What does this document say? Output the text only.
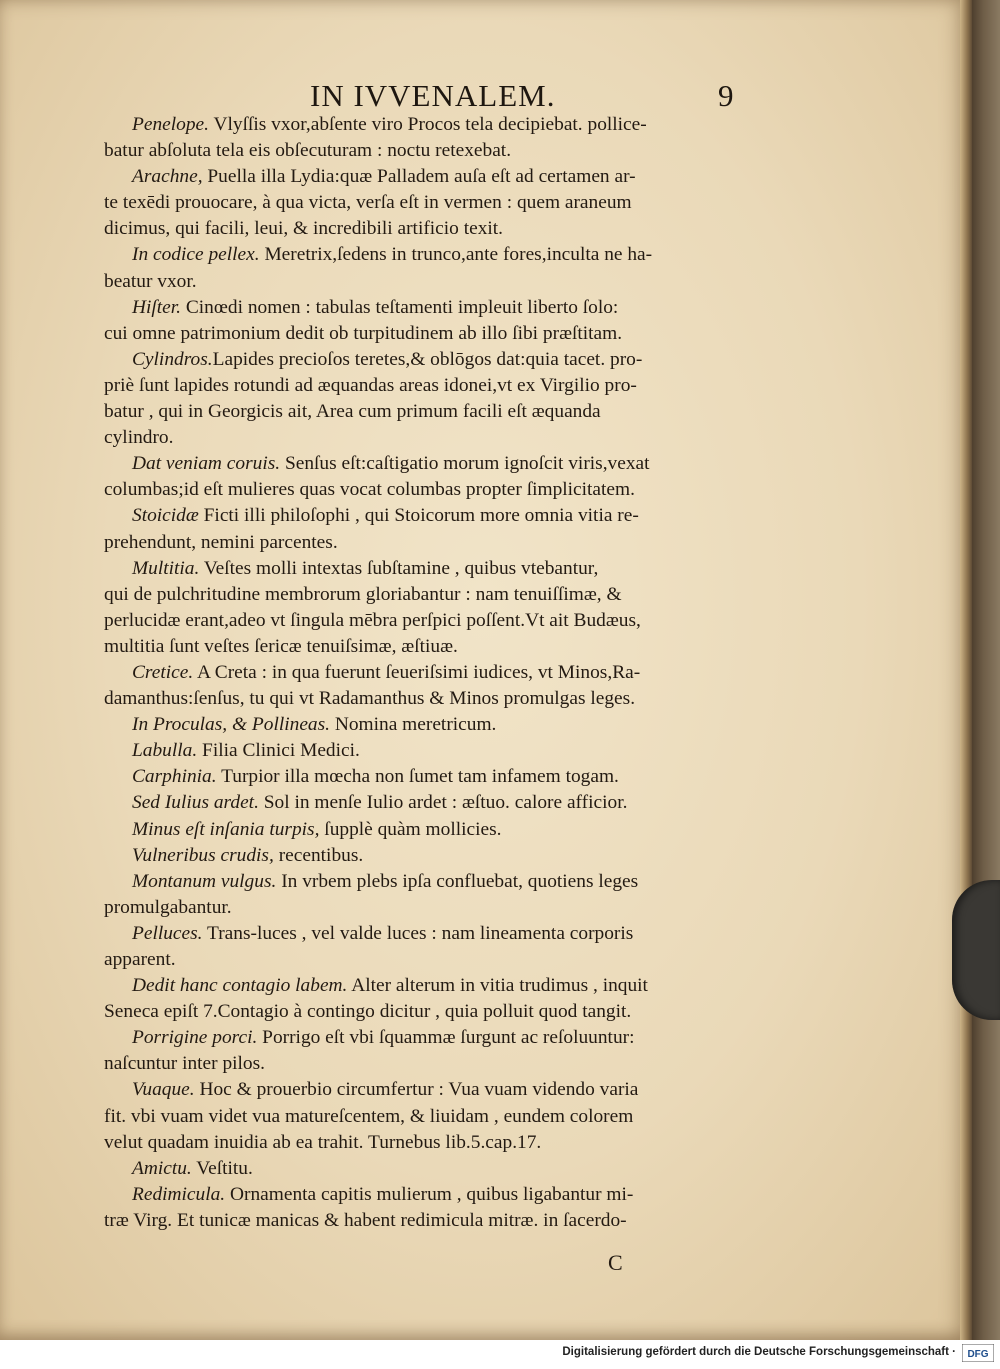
IN IVVENALEM.	9
Penelope. Vlyſſis vxor,abſente viro Procos tela decipiebat. pollice-
batur abſoluta tela eis obſecuturam : noctu retexebat.
Arachne, Puella illa Lydia:quæ Palladem auſa eſt ad certamen ar-
te texēdi prouocare, à qua victa, verſa eſt in vermen : quem araneum
dicimus, qui facili, leui, & incredibili artificio texit.
In codice pellex. Meretrix,ſedens in trunco,ante fores,inculta ne ha-
beatur vxor.
Hiſter. Cinœdi nomen : tabulas teſtamenti impleuit liberto ſolo:
cui omne patrimonium dedit ob turpitudinem ab illo ſibi præſtitam.
Cylindros.Lapides precioſos teretes,& oblōgos dat:quia tacet. pro-
priè ſunt lapides rotundi ad æquandas areas idonei,vt ex Virgilio pro-
batur , qui in Georgicis ait, Area cum primum facili eſt æquanda
cylindro.
Dat veniam coruis. Senſus eſt:caſtigatio morum ignoſcit viris,vexat
columbas;id eſt mulieres quas vocat columbas propter ſimplicitatem.
Stoicidæ Ficti illi philoſophi , qui Stoicorum more omnia vitia re-
prehendunt, nemini parcentes.
Multitia. Veſtes molli intextas ſubſtamine , quibus vtebantur,
qui de pulchritudine membrorum gloriabantur : nam tenuiſſimæ, &
perlucidæ erant,adeo vt ſingula mēbra perſpici poſſent.Vt ait Budæus,
multitia ſunt veſtes ſericæ tenuiſsimæ, æſtiuæ.
Cretice. A Creta : in qua fuerunt ſeueriſsimi iudices, vt Minos,Ra-
damanthus:ſenſus, tu qui vt Radamanthus & Minos promulgas leges.
In Proculas, & Pollineas. Nomina meretricum.
Labulla. Filia Clinici Medici.
Carphinia. Turpior illa mœcha non ſumet tam infamem togam.
Sed Iulius ardet. Sol in menſe Iulio ardet : æſtuo. calore afficior.
Minus eſt inſania turpis, ſupplè quàm mollicies.
Vulneribus crudis, recentibus.
Montanum vulgus. In vrbem plebs ipſa confluebat, quotiens leges
promulgabantur.
Pelluces. Trans-luces , vel valde luces : nam lineamenta corporis
apparent.
Dedit hanc contagio labem. Alter alterum in vitia trudimus , inquit
Seneca epiſt 7.Contagio à contingo dicitur , quia polluit quod tangit.
Porrigine porci. Porrigo eſt vbi ſquammæ ſurgunt ac reſoluuntur:
naſcuntur inter pilos.
Vuaque. Hoc & prouerbio circumfertur : Vua vuam videndo varia
fit. vbi vuam videt vua matureſcentem, & liuidam , eundem colorem
velut quadam inuidia ab ea trahit. Turnebus lib.5.cap.17.
Amictu. Veſtitu.
Redimicula. Ornamenta capitis mulierum , quibus ligabantur mi-
træ Virg. Et tunicæ manicas & habent redimicula mitræ. in ſacerdo-
C
Digitalisierung gefördert durch die Deutsche Forschungsgemeinschaft · DFG
